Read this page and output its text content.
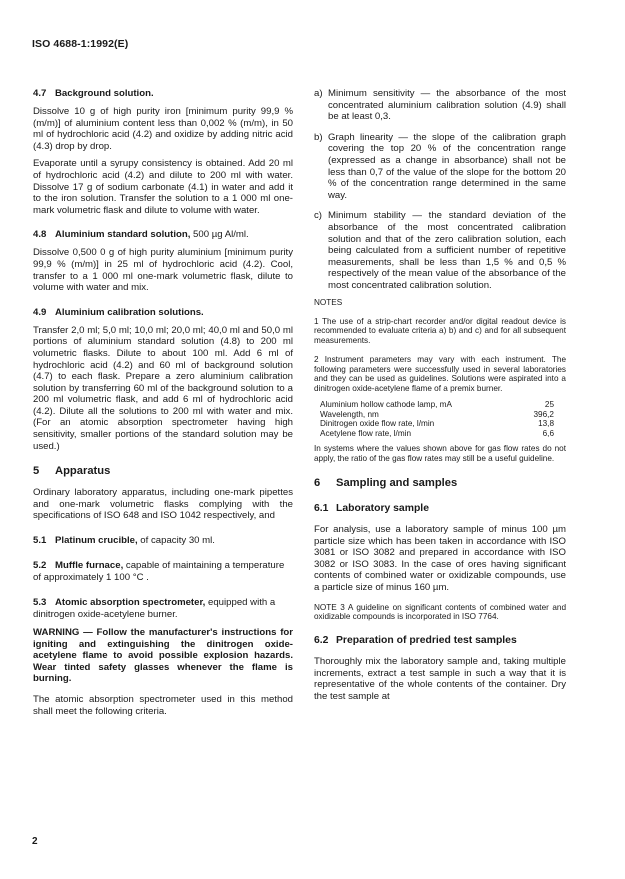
ISO 4688-1:1992(E)
4.7 Background solution.

Dissolve 10 g of high purity iron [minimum purity 99,9 % (m/m)] of aluminium content less than 0,002 % (m/m), in 50 ml of hydrochloric acid (4.2) and oxidize by adding nitric acid (4.3) drop by drop.

Evaporate until a syrupy consistency is obtained. Add 20 ml of hydrochloric acid (4.2) and dilute to 200 ml with water. Dissolve 17 g of sodium carbonate (4.1) in water and add it to the iron solution. Transfer the solution to a 1 000 ml one-mark volumetric flask and dilute to volume with water.

4.8 Aluminium standard solution, 500 µg Al/ml.

Dissolve 0,500 0 g of high purity aluminium [minimum purity 99,9 % (m/m)] in 25 ml of hydrochloric acid (4.2). Cool, transfer to a 1 000 ml one-mark volumetric flask, dilute to volume with water and mix.

4.9 Aluminium calibration solutions.

Transfer 2,0 ml; 5,0 ml; 10,0 ml; 20,0 ml; 40,0 ml and 50,0 ml portions of aluminium standard solution (4.8) to 200 ml volumetric flasks. Dilute to about 100 ml. Add 6 ml of hydrochloric acid (4.2) and 60 ml of background solution (4.7) to each flask. Prepare a zero aluminium calibration solution by transferring 60 ml of the background solution to a 200 ml volumetric flask, and add 6 ml of hydrochloric acid (4.2). Dilute all the solutions to 200 ml with water and mix. (For an atomic absorption spectrometer having high sensitivity, smaller portions of the standard solution may be used.)

5 Apparatus

Ordinary laboratory apparatus, including one-mark pipettes and one-mark volumetric flasks complying with the specifications of ISO 648 and ISO 1042 respectively, and

5.1 Platinum crucible, of capacity 30 ml.
5.2 Muffle furnace, capable of maintaining a temperature of approximately 1 100 °C .
5.3 Atomic absorption spectrometer, equipped with a dinitrogen oxide-acetylene burner.

WARNING — Follow the manufacturer's instructions for igniting and extinguishing the dinitrogen oxide-acetylene flame to avoid possible explosion hazards. Wear tinted safety glasses whenever the flame is burning.

The atomic absorption spectrometer used in this method shall meet the following criteria.

a) Minimum sensitivity — the absorbance of the most concentrated aluminium calibration solution (4.9) shall be at least 0,3.
b) Graph linearity — the slope of the calibration graph covering the top 20 % of the concentration range (expressed as a change in absorbance) shall not be less than 0,7 of the value of the slope for the bottom 20 % of the concentration range determined in the same way.
c) Minimum stability — the standard deviation of the absorbance of the most concentrated calibration solution and that of the zero calibration solution, each being calculated from a sufficient number of repetitive measurements, shall be less than 1,5 % and 0,5 % respectively of the mean value of the absorbance of the most concentrated calibration solution.
NOTES

1 The use of a strip-chart recorder and/or digital readout device is recommended to evaluate criteria a) b) and c) and for all subsequent measurements.

2 Instrument parameters may vary with each instrument. The following parameters were successfully used in several laboratories and they can be used as guidelines. Solutions were aspirated into a dinitrogen oxide-acetylene flame of a premix burner.

Aluminium hollow cathode lamp, mA	25
Wavelength, nm	396,2
Dinitrogen oxide flow rate, l/min	13,8
Acetylene flow rate, l/min	6,6

In systems where the values shown above for gas flow rates do not apply, the ratio of the gas flow rates may still be a useful guideline.

6 Sampling and samples
6.1 Laboratory sample

For analysis, use a laboratory sample of minus 100 µm particle size which has been taken in accordance with ISO 3081 or ISO 3082 and prepared in accordance with ISO 3082 or ISO 3083. In the case of ores having significant contents of combined water or oxidizable compounds, use a particle size of minus 160 µm.

NOTE 3 A guideline on significant contents of combined water and oxidizable compounds is incorporated in ISO 7764.

6.2 Preparation of predried test samples

Thoroughly mix the laboratory sample and, taking multiple increments, extract a test sample in such a way that it is representative of the whole contents of the container. Dry the test sample at

2
